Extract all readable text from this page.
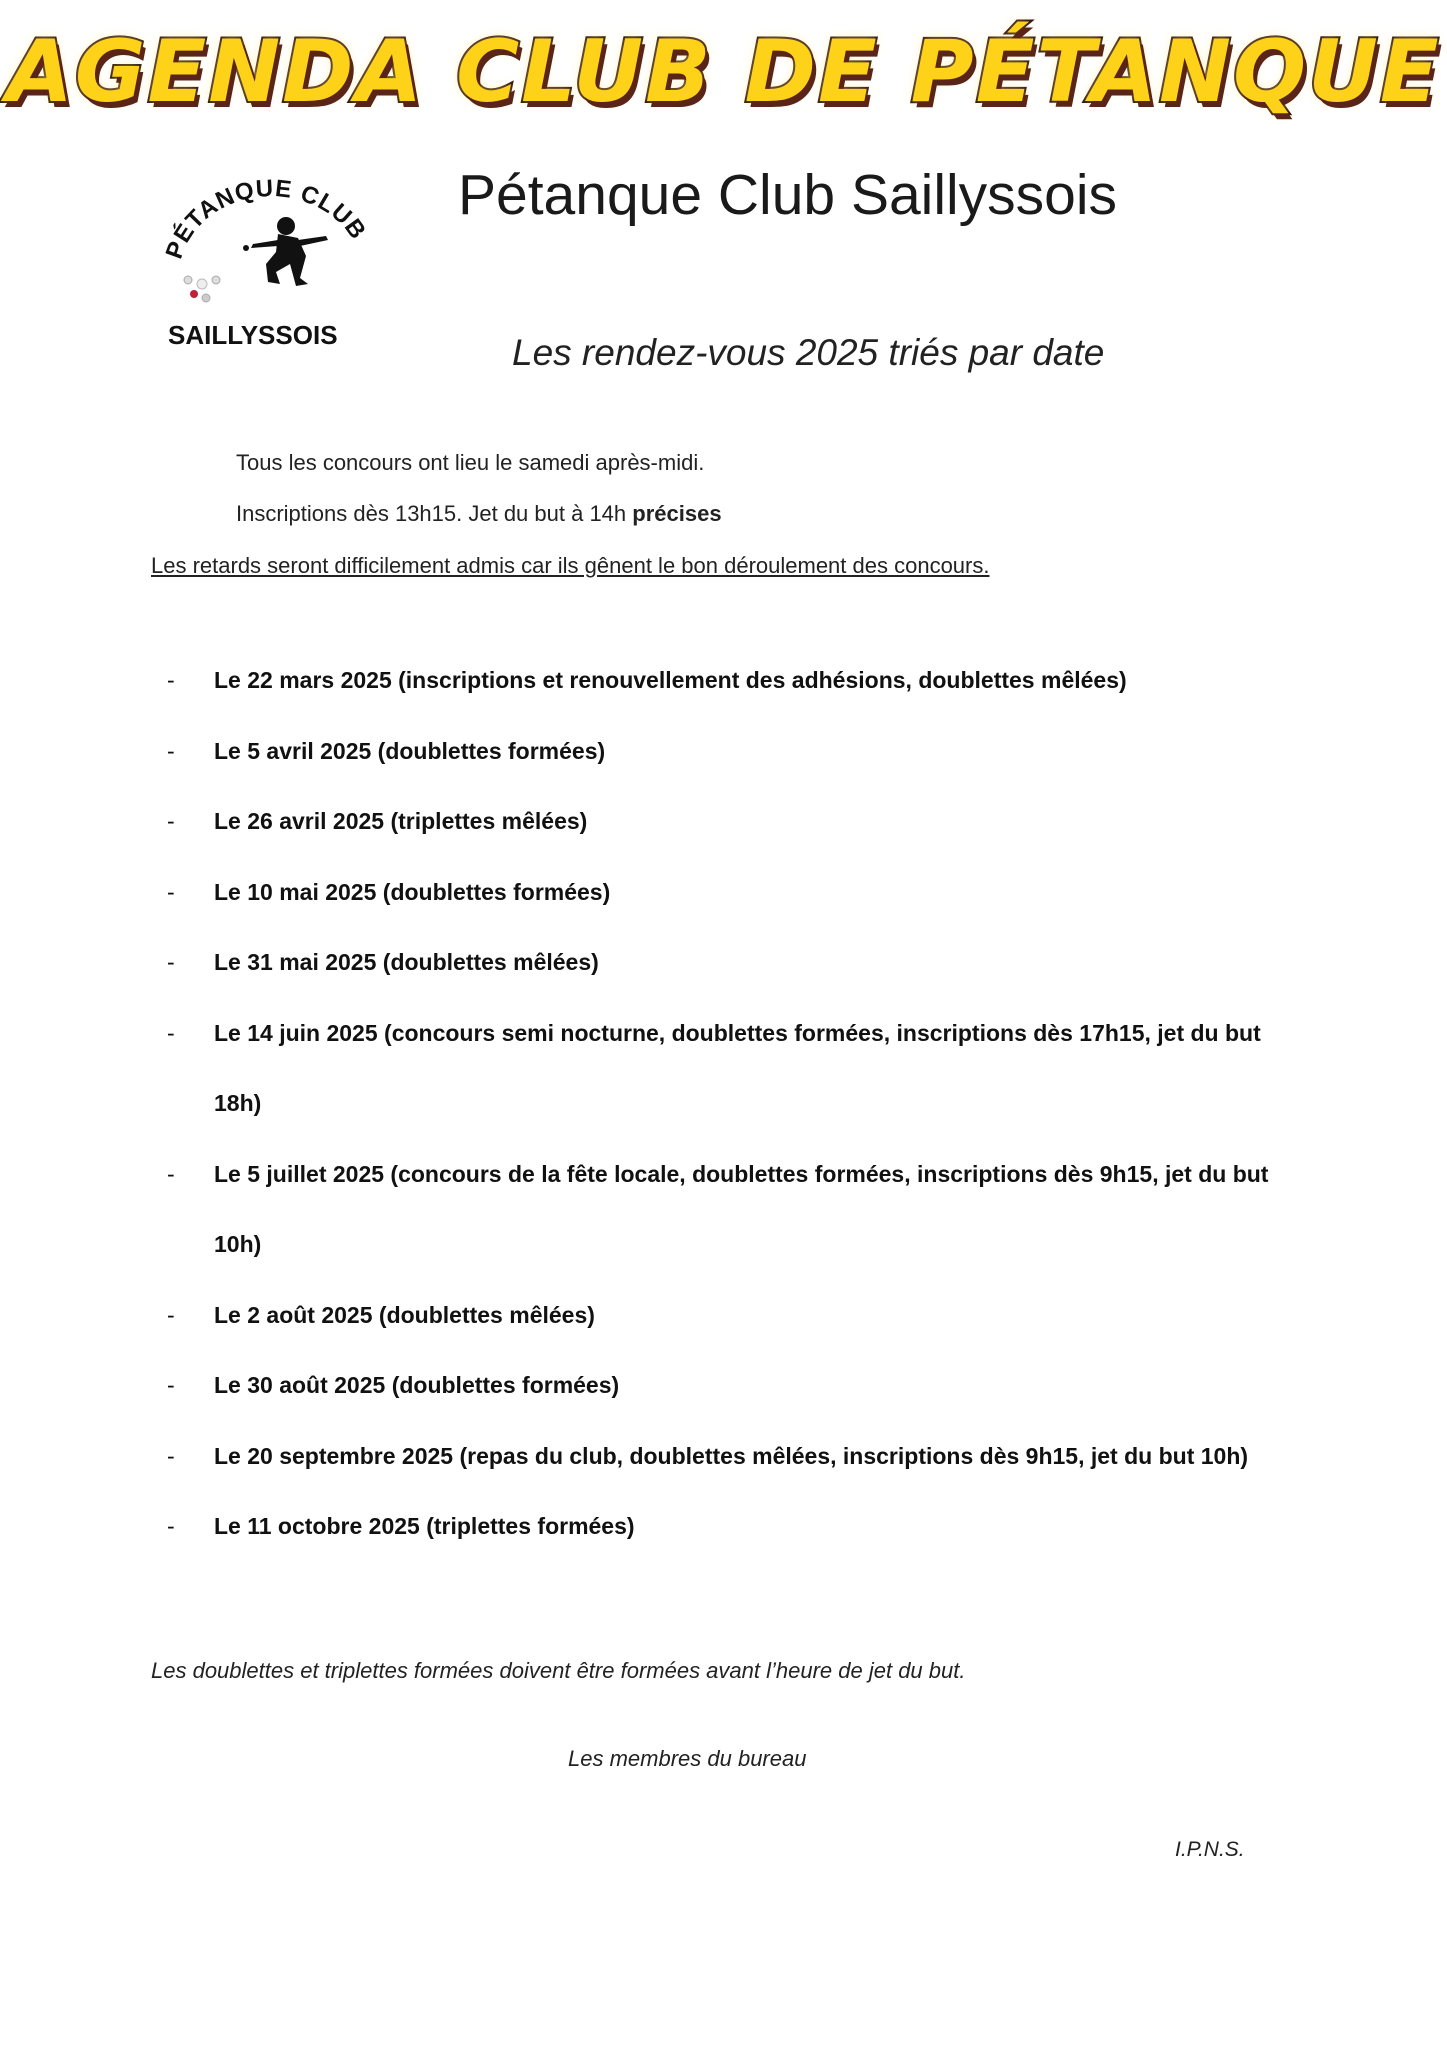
AGENDA CLUB DE PÉTANQUE
PÉTANQUE CLUB
SAILLYSSOIS
Pétanque Club Saillyssois
Les rendez-vous 2025 triés par date
Tous les concours ont lieu le samedi après-midi.
Inscriptions dès 13h15. Jet du but à 14h précises
Les retards seront difficilement admis car ils gênent le bon déroulement des concours.
-	Le 22 mars 2025 (inscriptions et renouvellement des adhésions, doublettes mêlées)
-	Le 5 avril 2025 (doublettes formées)
-	Le 26 avril 2025 (triplettes mêlées)
-	Le 10 mai 2025 (doublettes formées)
-	Le 31 mai 2025 (doublettes mêlées)
-	Le 14 juin 2025 (concours semi nocturne, doublettes formées, inscriptions dès 17h15, jet du but 18h)
-	Le 5 juillet 2025 (concours de la fête locale, doublettes formées, inscriptions dès 9h15, jet du but 10h)
-	Le 2 août 2025 (doublettes mêlées)
-	Le 30 août 2025 (doublettes formées)
-	Le 20 septembre 2025 (repas du club, doublettes mêlées, inscriptions dès 9h15, jet du but 10h)
-	Le 11 octobre 2025 (triplettes formées)
Les doublettes et triplettes formées doivent être formées avant l’heure de jet du but.
Les membres du bureau
I.P.N.S.
